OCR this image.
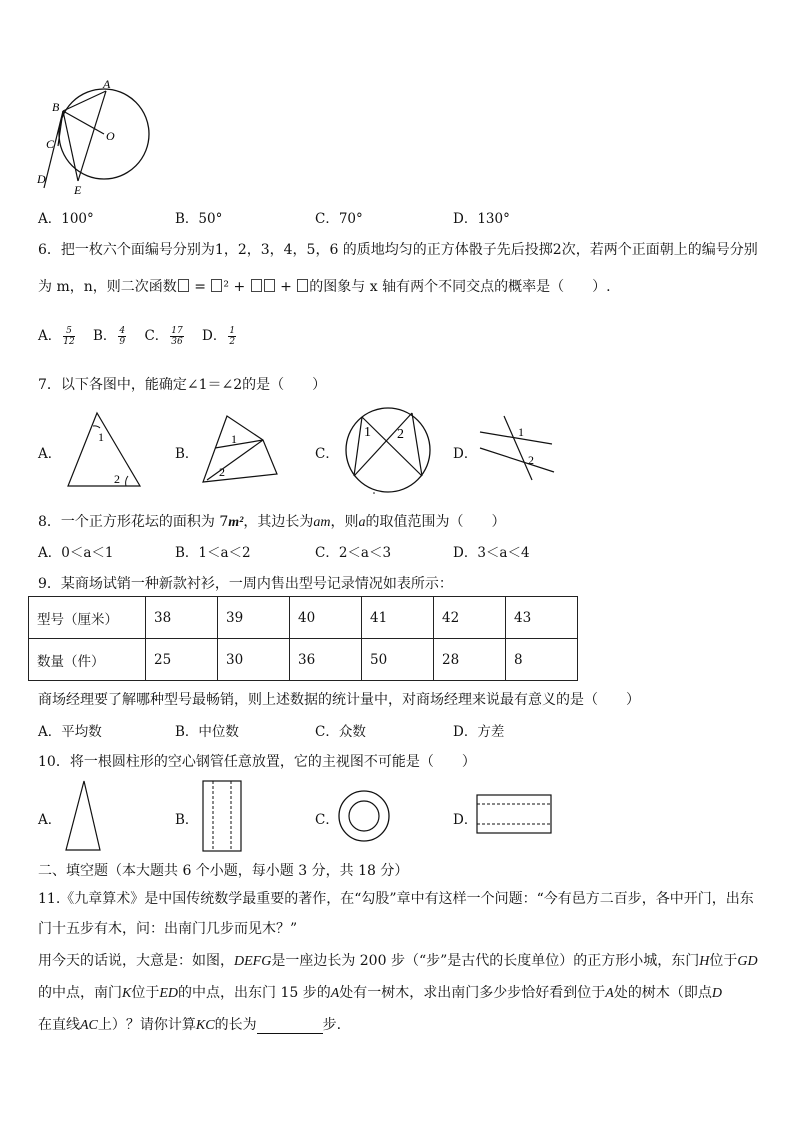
A
B
C
D
E
O
A．100°	B．50°	C．70°	D．130°
6．把一枚六个面编号分别为1，2，3，4，5，6 的质地均匀的正方体骰子先后投掷2次，若两个正面朝上的编号分别
为 m，n，则二次函数 = ² +  + 的图象与 x 轴有两个不同交点的概率是（　　）.
A． $\frac{5}{12}$ B． $\frac{4}{9}$ C． $\frac{17}{36}$ D． $\frac{1}{2}$
7．以下各图中，能确定∠1＝∠2的是（　　）
A．
1
2
B．
1
2
C．
1 2
D．
1
2
8．一个正方形花坛的面积为 7m²，其边长为am，则a的取值范围为（　　）
A．0＜a＜1	B．1＜a＜2	C．2＜a＜3	D．3＜a＜4
9．某商场试销一种新款衬衫，一周内售出型号记录情况如表所示：
型号（厘米）	38	39	40	41	42	43
数量（件）	25	30	36	50	28	8
商场经理要了解哪种型号最畅销，则上述数据的统计量中，对商场经理来说最有意义的是（　　）
A．平均数	B．中位数	C．众数	D．方差
10．将一根圆柱形的空心钢管任意放置，它的主视图不可能是（　　）
A．	B．	C．	D．
二、填空题（本大题共 6 个小题，每小题 3 分，共 18 分）
11.《九章算术》是中国传统数学最重要的著作，在“勾股”章中有这样一个问题：“今有邑方二百步，各中开门，出东
门十五步有木，问：出南门几步而见木？”
用今天的话说，大意是：如图，DEFG是一座边长为 200 步（“步”是古代的长度单位）的正方形小城，东门H位于GD
的中点，南门K位于ED的中点，出东门 15 步的A处有一树木，求出南门多少步恰好看到位于A处的树木（即点D
在直线AC上）？请你计算KC的长为	步.
